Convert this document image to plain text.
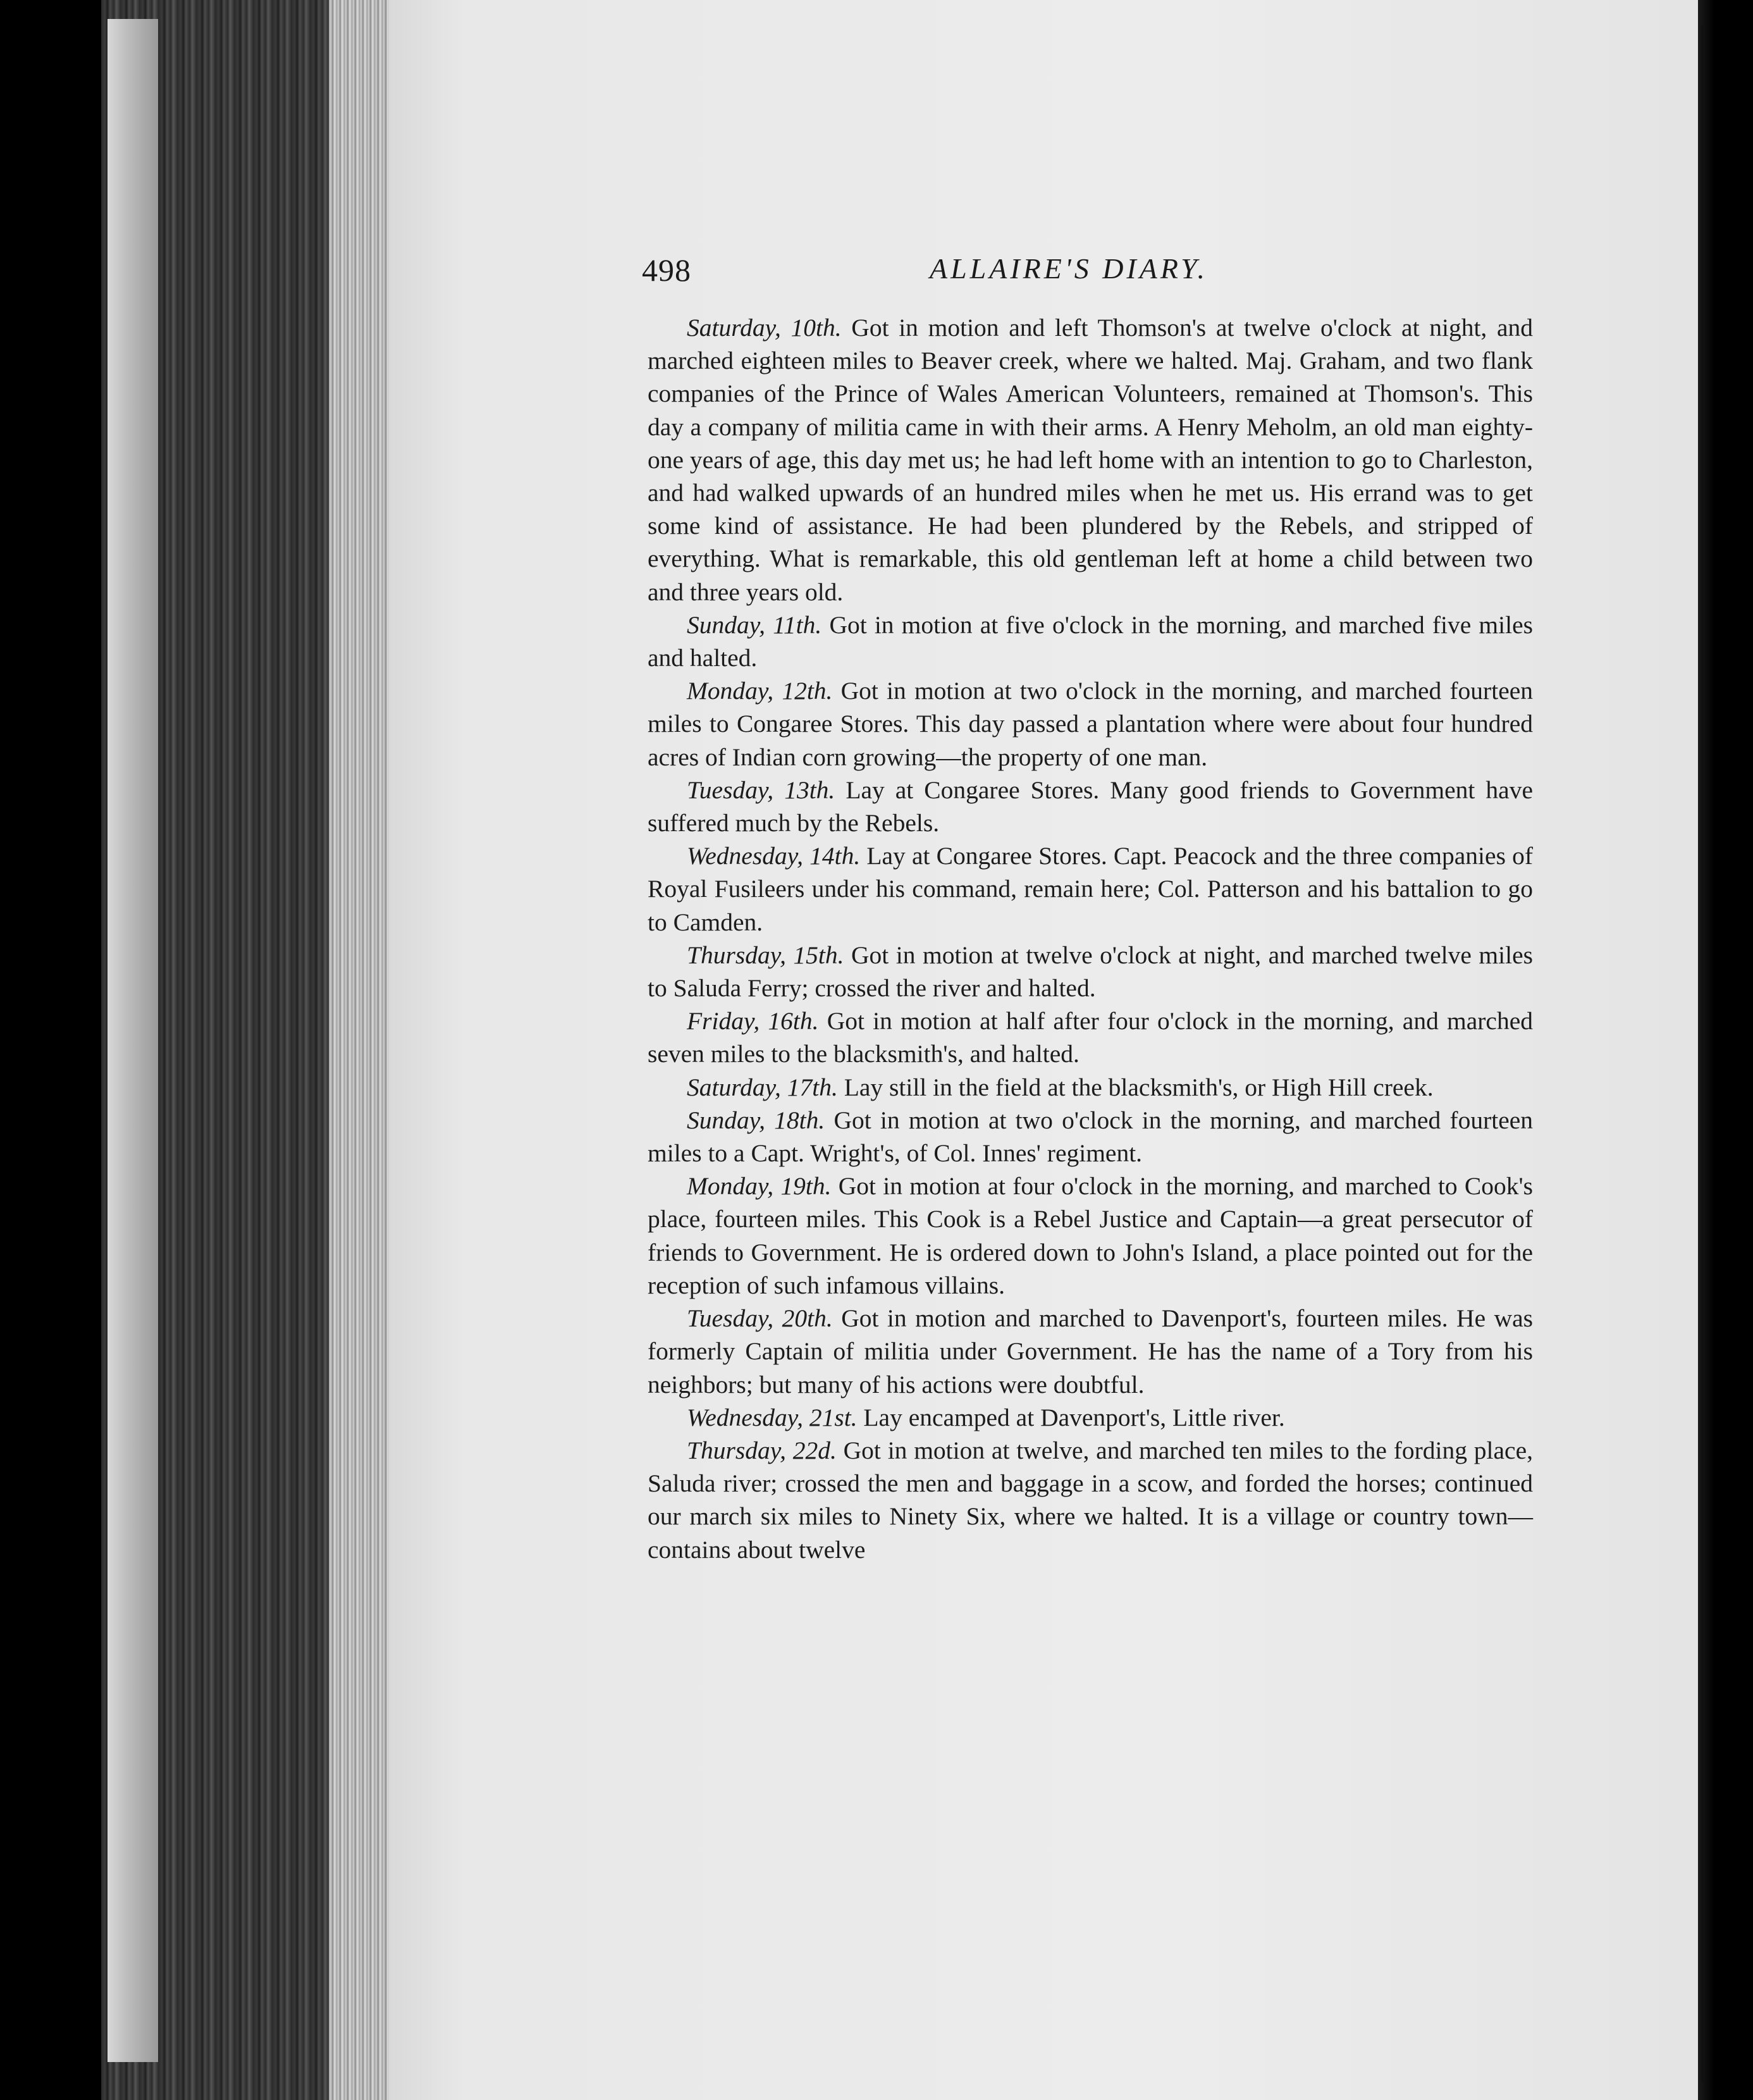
498	ALLAIRE'S DIARY.

Saturday, 10th. Got in motion and left Thomson's at twelve o'clock at night, and marched eighteen miles to Beaver creek, where we halted. Maj. Graham, and two flank companies of the Prince of Wales American Volunteers, remained at Thomson's. This day a company of militia came in with their arms. A Henry Meholm, an old man eighty-one years of age, this day met us; he had left home with an intention to go to Charleston, and had walked upwards of an hundred miles when he met us. His errand was to get some kind of assistance. He had been plundered by the Rebels, and stripped of everything. What is remarkable, this old gentleman left at home a child between two and three years old.

Sunday, 11th. Got in motion at five o'clock in the morning, and marched five miles and halted.

Monday, 12th. Got in motion at two o'clock in the morning, and marched fourteen miles to Congaree Stores. This day passed a plantation where were about four hundred acres of Indian corn growing—the property of one man.

Tuesday, 13th. Lay at Congaree Stores. Many good friends to Government have suffered much by the Rebels.

Wednesday, 14th. Lay at Congaree Stores. Capt. Peacock and the three companies of Royal Fusileers under his command, remain here; Col. Patterson and his battalion to go to Camden.

Thursday, 15th. Got in motion at twelve o'clock at night, and marched twelve miles to Saluda Ferry; crossed the river and halted.

Friday, 16th. Got in motion at half after four o'clock in the morning, and marched seven miles to the blacksmith's, and halted.

Saturday, 17th. Lay still in the field at the blacksmith's, or High Hill creek.

Sunday, 18th. Got in motion at two o'clock in the morning, and marched fourteen miles to a Capt. Wright's, of Col. Innes' regiment.

Monday, 19th. Got in motion at four o'clock in the morning, and marched to Cook's place, fourteen miles. This Cook is a Rebel Justice and Captain—a great persecutor of friends to Government. He is ordered down to John's Island, a place pointed out for the reception of such infamous villains.

Tuesday, 20th. Got in motion and marched to Davenport's, fourteen miles. He was formerly Captain of militia under Government. He has the name of a Tory from his neighbors; but many of his actions were doubtful.

Wednesday, 21st. Lay encamped at Davenport's, Little river.

Thursday, 22d. Got in motion at twelve, and marched ten miles to the fording place, Saluda river; crossed the men and baggage in a scow, and forded the horses; continued our march six miles to Ninety Six, where we halted. It is a village or country town—contains about twelve
